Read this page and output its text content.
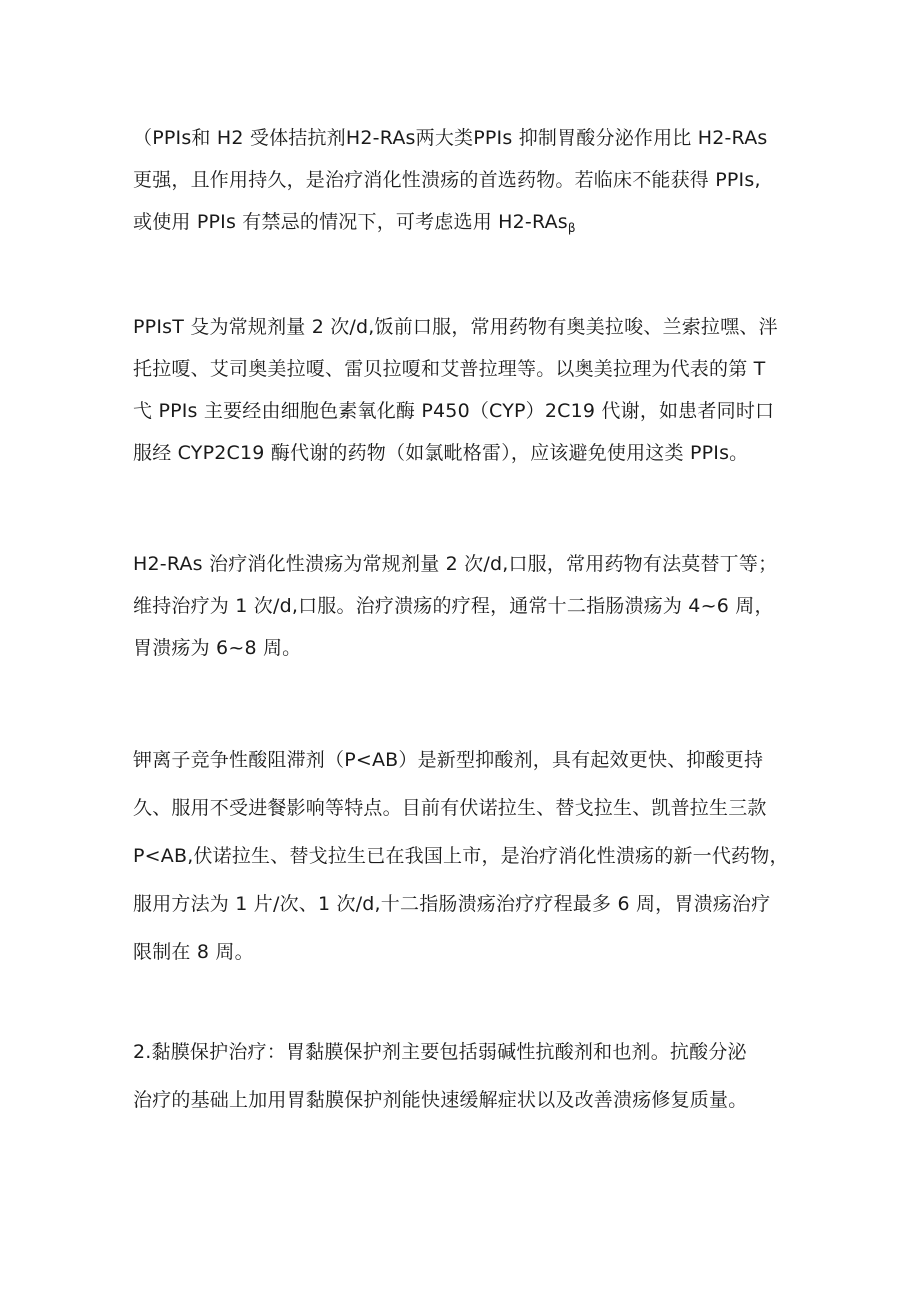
（PPIs和 H2 受体拮抗剂H2-RAs两大类PPIs 抑制胃酸分泌作用比 H2-RAs
更强，且作用持久，是治疗消化性溃疡的首选药物。若临床不能获得 PPIs,
或使用 PPIs 有禁忌的情况下，可考虑选用 H2-RAs$_\beta$

PPIsT 殳为常规剂量 2 次/d,饭前口服，常用药物有奥美拉唆、兰索拉嘿、泮
托拉嗄、艾司奥美拉嗄、雷贝拉嗄和艾普拉理等。以奥美拉理为代表的第 T
弋 PPIs 主要经由细胞色素氧化酶 P450（CYP）2C19 代谢，如患者同时口
服经 CYP2C19 酶代谢的药物（如氯毗格雷），应该避免使用这类 PPIs。

H2-RAs 治疗消化性溃疡为常规剂量 2 次/d,口服，常用药物有法莫替丁等；
维持治疗为 1 次/d,口服。治疗溃疡的疗程，通常十二指肠溃疡为 4~6 周，
胃溃疡为 6~8 周。

钾离子竞争性酸阻滞剂（P<AB）是新型抑酸剂，具有起效更快、抑酸更持
久、服用不受进餐影响等特点。目前有伏诺拉生、替戈拉生、凯普拉生三款
P<AB,伏诺拉生、替戈拉生已在我国上市，是治疗消化性溃疡的新一代药物，
服用方法为 1 片/次、1 次/d,十二指肠溃疡治疗疗程最多 6 周，胃溃疡治疗
限制在 8 周。

2.黏膜保护治疗：胃黏膜保护剂主要包括弱碱性抗酸剂和也剂。抗酸分泌
治疗的基础上加用胃黏膜保护剂能快速缓解症状以及改善溃疡修复质量。
